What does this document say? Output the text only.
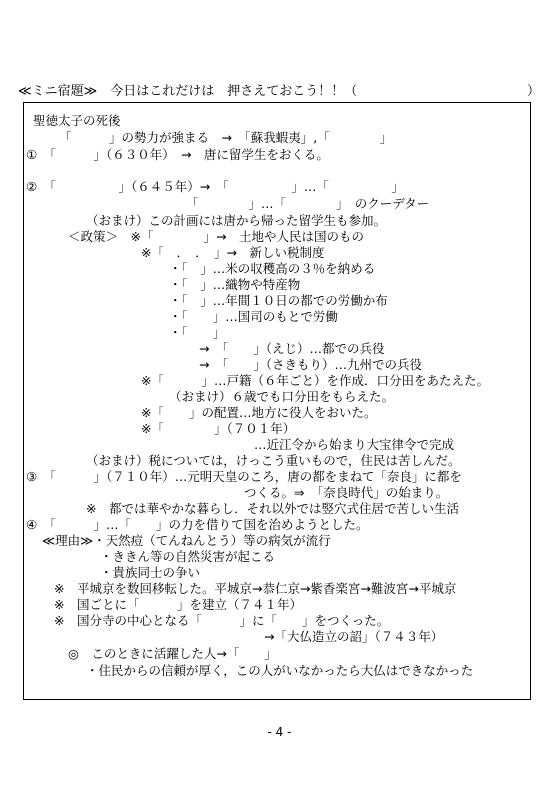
≪ミニ宿題≫　今日はこれだけは　押さえておこう！！（	）
聖徳太子の死後
「　　　」の勢力が強まる　→　「蘇我蝦夷」,「　　　　」
①　「　　　」（６３０年）　→　唐に留学生をおくる。
②　「　　　　　」（６４５年）→　「　　　　　」…「　　　　　」
「　　　　」…「　　　　」　のクーデター
（おまけ）この計画には唐から帰った留学生も参加。
＜政策＞　※「　　　　」→　土地や人民は国のもの
※「　．　．　」→　新しい税制度
・「　」…米の収穫高の３％を納める
・「　」…織物や特産物
・「　」…年間１０日の都での労働か布
・「　　」…国司のもとで労働
・「　　」
→　「　　」（えじ）…都での兵役
→　「　　」（さきもり）…九州での兵役
※「　　　」…戸籍（６年ごと）を作成．口分田をあたえた。
（おまけ）６歳でも口分田をもらえた。
※「　　」の配置…地方に役人をおいた。
※「　　　　」（７０１年）
…近江令から始まり大宝律令で完成
（おまけ）税については，けっこう重いもので，住民は苦しんだ。
③　「　　　」（７１０年）…元明天皇のころ，唐の都をまねて「奈良」に都を
つくる。⇒　「奈良時代」の始まり。
※　都では華やかな暮らし．それ以外では竪穴式住居で苦しい生活
④　「　　　」…「　　」の力を借りて国を治めようとした。
≪理由≫・天然痘（てんねんとう）等の病気が流行
・ききん等の自然災害が起こる
・貴族同士の争い
※　平城京を数回移転した。平城京→恭仁京→紫香楽宮→難波宮→平城京
※　国ごとに「　　　」を建立（７４１年）
※　国分寺の中心となる「　　　」に「　　」をつくった。
→「大仏造立の詔」（７４３年）
◎　このときに活躍した人→「　　」
・住民からの信頼が厚く，この人がいなかったら大仏はできなかった
- 4 -
